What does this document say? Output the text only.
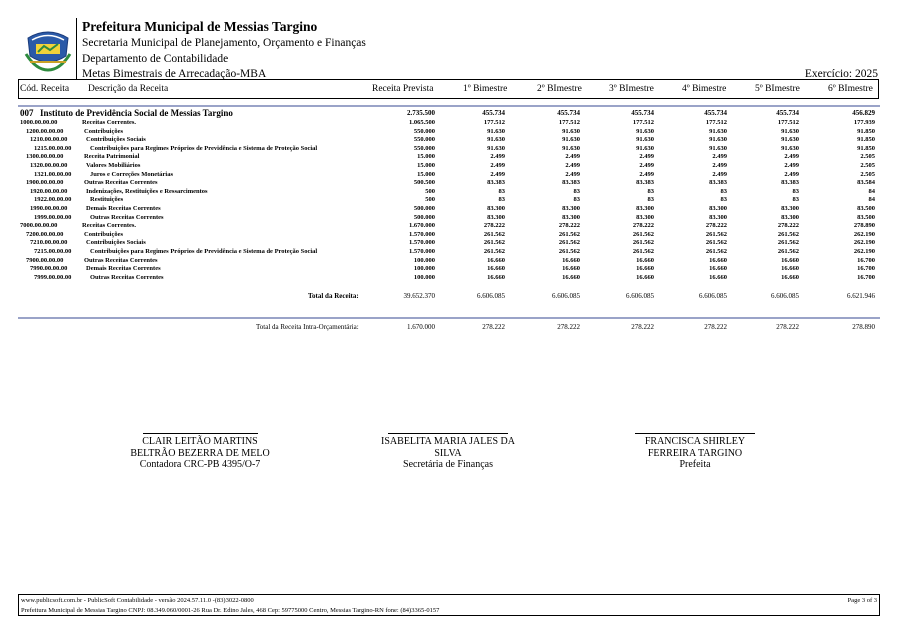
Prefeitura Municipal de Messias Targino
Secretaria Municipal de Planejamento, Orçamento e Finanças
Departamento de Contabilidade
Metas Bimestrais de Arrecadação-MBA	Exercício: 2025
Cód. Receita Descrição da Receita	Receita Prevista	1º Bimestre	2º BImestre	3º BImestre	4º Bimestre	5º BImestre	6º BImestre
007 Instituto de Previdência Social de Messias Targino	2.735.500	455.734	455.734	455.734	455.734	455.734	456.829
1000.00.00.00	Receitas Correntes.	1.065.500	177.512	177.512	177.512	177.512	177.512	177.939
1200.00.00.00	Contribuições	550.000	91.630	91.630	91.630	91.630	91.630	91.850
1210.00.00.00	Contribuições Sociais	550.000	91.630	91.630	91.630	91.630	91.630	91.850
1215.00.00.00	Contribuições para Regimes Próprios de Previdência e Sistema de Proteção Social	550.000	91.630	91.630	91.630	91.630	91.630	91.850
1300.00.00.00	Receita Patrimonial	15.000	2.499	2.499	2.499	2.499	2.499	2.505
1320.00.00.00	Valores Mobiliários	15.000	2.499	2.499	2.499	2.499	2.499	2.505
1321.00.00.00	Juros e Correções Monetárias	15.000	2.499	2.499	2.499	2.499	2.499	2.505
1900.00.00.00	Outras Receitas Correntes	500.500	83.383	83.383	83.383	83.383	83.383	83.584
1920.00.00.00	Indenizações, Restituições e Ressarcimentos	500	83	83	83	83	83	84
1922.00.00.00	Restituições	500	83	83	83	83	83	84
1990.00.00.00	Demais Receitas Correntes	500.000	83.300	83.300	83.300	83.300	83.300	83.500
1999.00.00.00	Outras Receitas Correntes	500.000	83.300	83.300	83.300	83.300	83.300	83.500
7000.00.00.00	Receitas Correntes.	1.670.000	278.222	278.222	278.222	278.222	278.222	278.890
7200.00.00.00	Contribuições	1.570.000	261.562	261.562	261.562	261.562	261.562	262.190
7210.00.00.00	Contribuições Sociais	1.570.000	261.562	261.562	261.562	261.562	261.562	262.190
7215.00.00.00	Contribuições para Regimes Próprios de Previdência e Sistema de Proteção Social	1.570.000	261.562	261.562	261.562	261.562	261.562	262.190
7900.00.00.00	Outras Receitas Correntes	100.000	16.660	16.660	16.660	16.660	16.660	16.700
7990.00.00.00	Demais Receitas Correntes	100.000	16.660	16.660	16.660	16.660	16.660	16.700
7999.00.00.00	Outras Receitas Correntes	100.000	16.660	16.660	16.660	16.660	16.660	16.700
Total da Receita:	39.652.370	6.606.085	6.606.085	6.606.085	6.606.085	6.606.085	6.621.946
Total da Receita Intra-Orçamentária:	1.670.000	278.222	278.222	278.222	278.222	278.222	278.890
CLAIR LEITÃO MARTINS BELTRÃO BEZERRA DE MELO
Contadora CRC-PB 4395/O-7
ISABELITA MARIA JALES DA SILVA
Secretária de Finanças
FRANCISCA SHIRLEY FERREIRA TARGINO
Prefeita
www.publicsoft.com.br - PublicSoft Contabilidade - versão 2024.57.11.0 -(83)3022-0800
Prefeitura Municipal de Messias Targino CNPJ: 08.349.060/0001-26 Rua Dr. Edino Jales, 468 Cep: 59775000 Centro, Messias Targino-RN fone: (84)3365-0157
Page 3 of 3
